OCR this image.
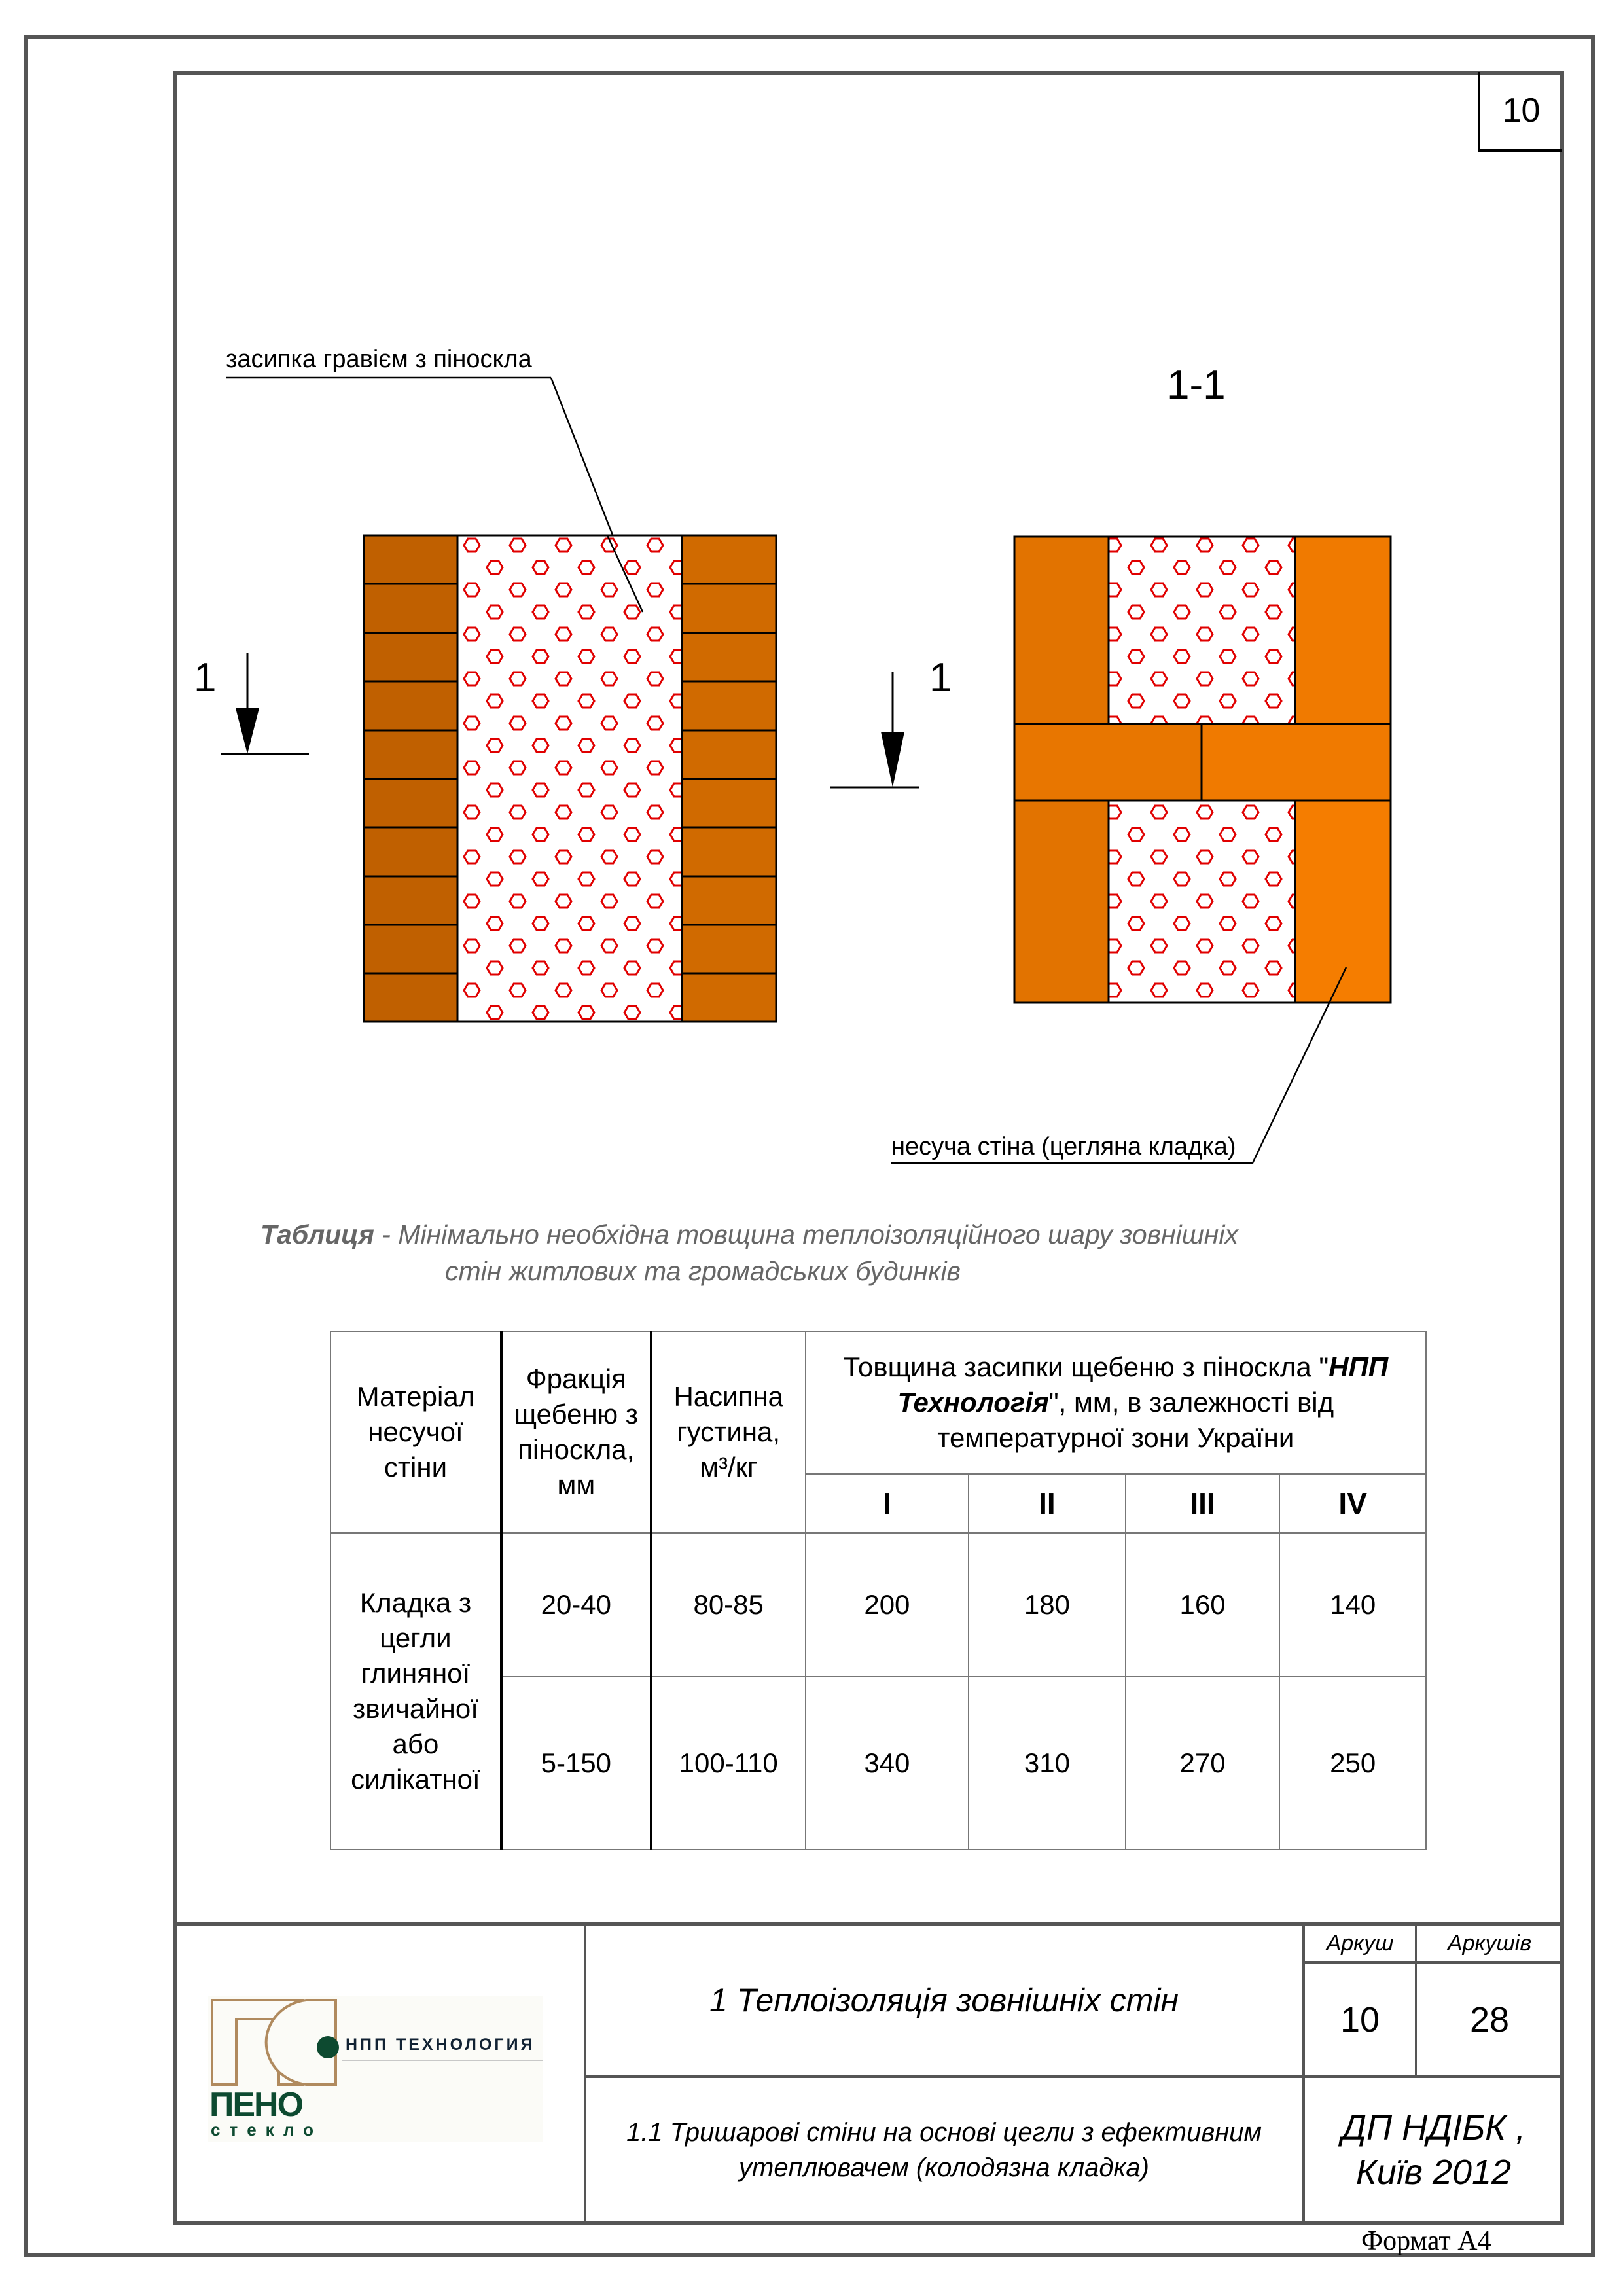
10
засипка гравієм з піноскла
несуча стіна (цегляна кладка)
1-1
1	1
Таблиця - Мінімально необхідна товщина теплоізоляційного шару зовнішніх
стін житлових та громадських будинків
Матеріал несучої стіни	Фракція щебеню з піноскла, мм	Насипна густина, м³/кг	Товщина засипки щебеню з піноскла "НПП Технологія", мм, в залежності від температурної зони України			
			I	II	III	IV
Кладка з цегли глиняної звичайної або силікатної	20-40	80-85	200	180	160	140
	5-150	100-110	340	310	270	250
НПП ТЕХНОЛОГИЯ
ПЕНО
стекло
1 Теплоізоляція зовнішніх стін
1.1 Тришарові стіни на основі цегли з ефективним утеплювачем (колодязна кладка)
Аркуш	Аркушів
10	28
ДП НДІБК ,
Київ 2012
Формат А4
